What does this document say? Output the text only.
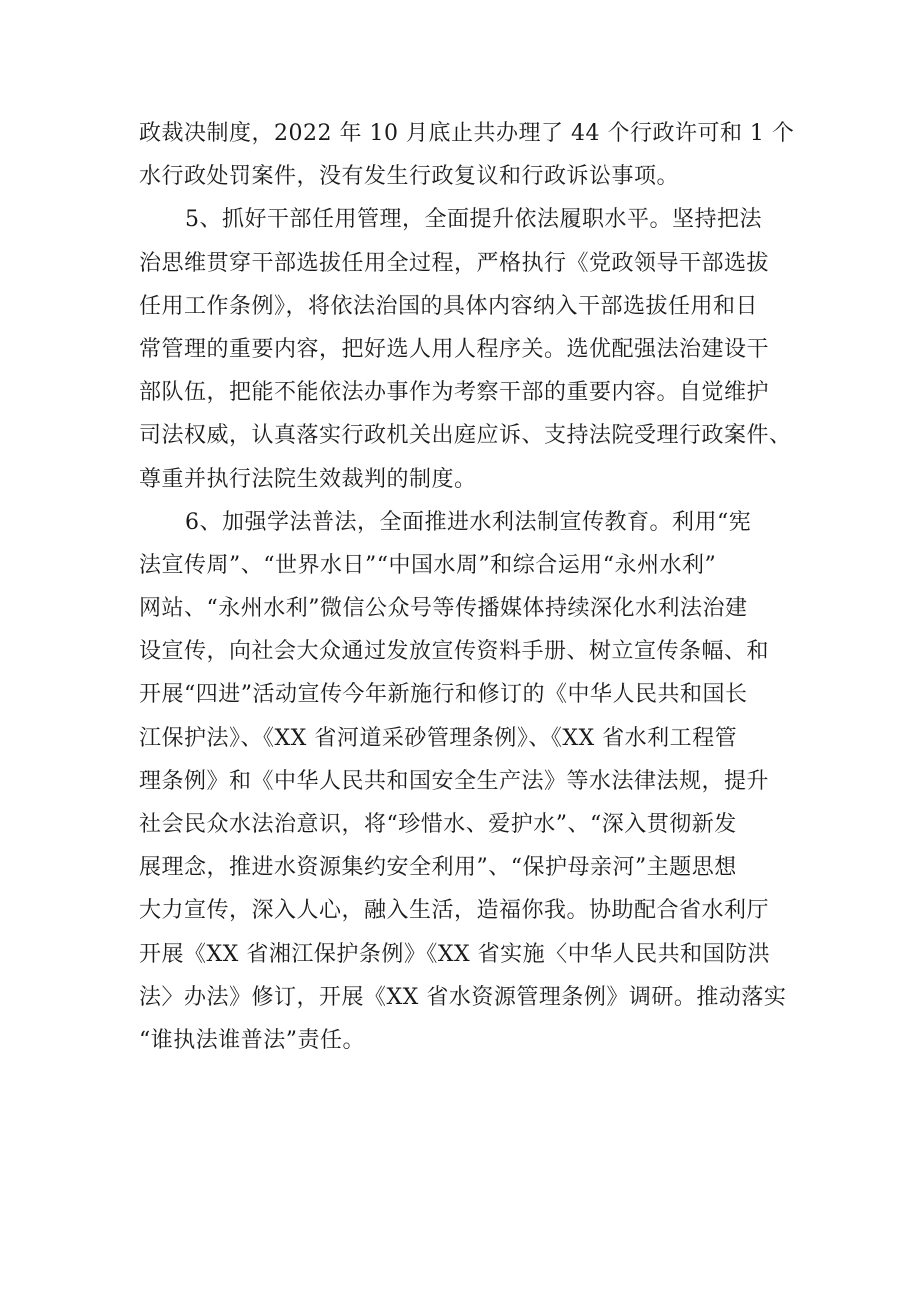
政裁决制度，2022 年 10 月底止共办理了 44 个行政许可和 1 个
水行政处罚案件，没有发生行政复议和行政诉讼事项。
5、抓好干部任用管理，全面提升依法履职水平。坚持把法
治思维贯穿干部选拔任用全过程，严格执行《党政领导干部选拔
任用工作条例》，将依法治国的具体内容纳入干部选拔任用和日
常管理的重要内容，把好选人用人程序关。选优配强法治建设干
部队伍，把能不能依法办事作为考察干部的重要内容。自觉维护
司法权威，认真落实行政机关出庭应诉、支持法院受理行政案件、
尊重并执行法院生效裁判的制度。
6、加强学法普法，全面推进水利法制宣传教育。利用“宪
法宣传周”、“世界水日”“中国水周”和综合运用“永州水利”
网站、“永州水利”微信公众号等传播媒体持续深化水利法治建
设宣传，向社会大众通过发放宣传资料手册、树立宣传条幅、和
开展“四进”活动宣传今年新施行和修订的《中华人民共和国长
江保护法》、《XX 省河道采砂管理条例》、《XX 省水利工程管
理条例》和《中华人民共和国安全生产法》等水法律法规，提升
社会民众水法治意识，将“珍惜水、爱护水”、“深入贯彻新发
展理念，推进水资源集约安全利用”、“保护母亲河”主题思想
大力宣传，深入人心，融入生活，造福你我。协助配合省水利厅
开展《XX 省湘江保护条例》《XX 省实施〈中华人民共和国防洪
法〉办法》修订，开展《XX 省水资源管理条例》调研。推动落实
“谁执法谁普法”责任。
